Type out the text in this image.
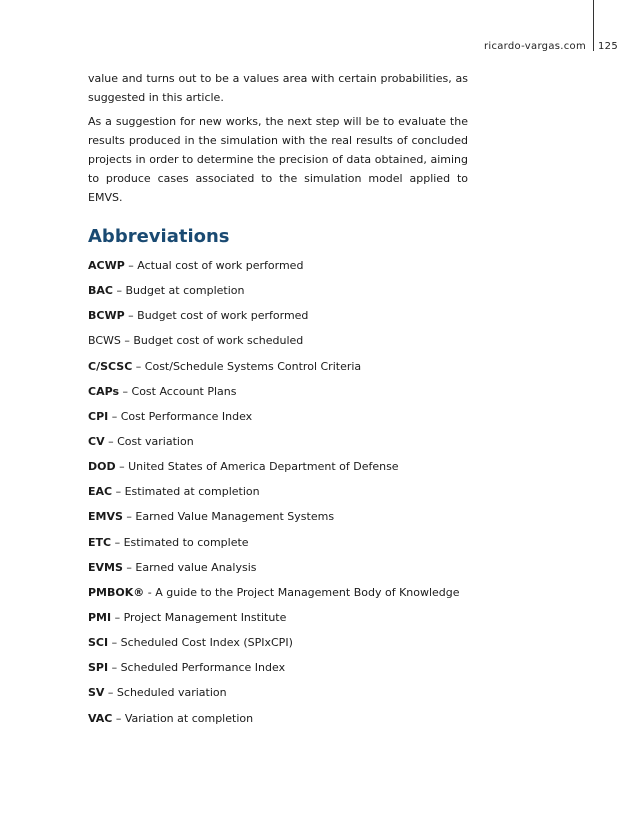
ricardo-vargas.com	125

value and turns out to be a values area with certain probabilities, as suggested in this article.

As a suggestion for new works, the next step will be to evaluate the results produced in the simulation with the real results of concluded projects in order to determine the precision of data obtained, aiming to produce cases associated to the simulation model applied to EMVS.

Abbreviations
ACWP – Actual cost of work performed
BAC – Budget at completion
BCWP – Budget cost of work performed
BCWS – Budget cost of work scheduled
C/SCSC – Cost/Schedule Systems Control Criteria
CAPs – Cost Account Plans
CPI – Cost Performance Index
CV – Cost variation
DOD – United States of America Department of Defense
EAC – Estimated at completion
EMVS – Earned Value Management Systems
ETC – Estimated to complete
EVMS – Earned value Analysis
PMBOK® - A guide to the Project Management Body of Knowledge
PMI – Project Management Institute
SCI – Scheduled Cost Index (SPIxCPI)
SPI – Scheduled Performance Index
SV – Scheduled variation
VAC – Variation at completion
